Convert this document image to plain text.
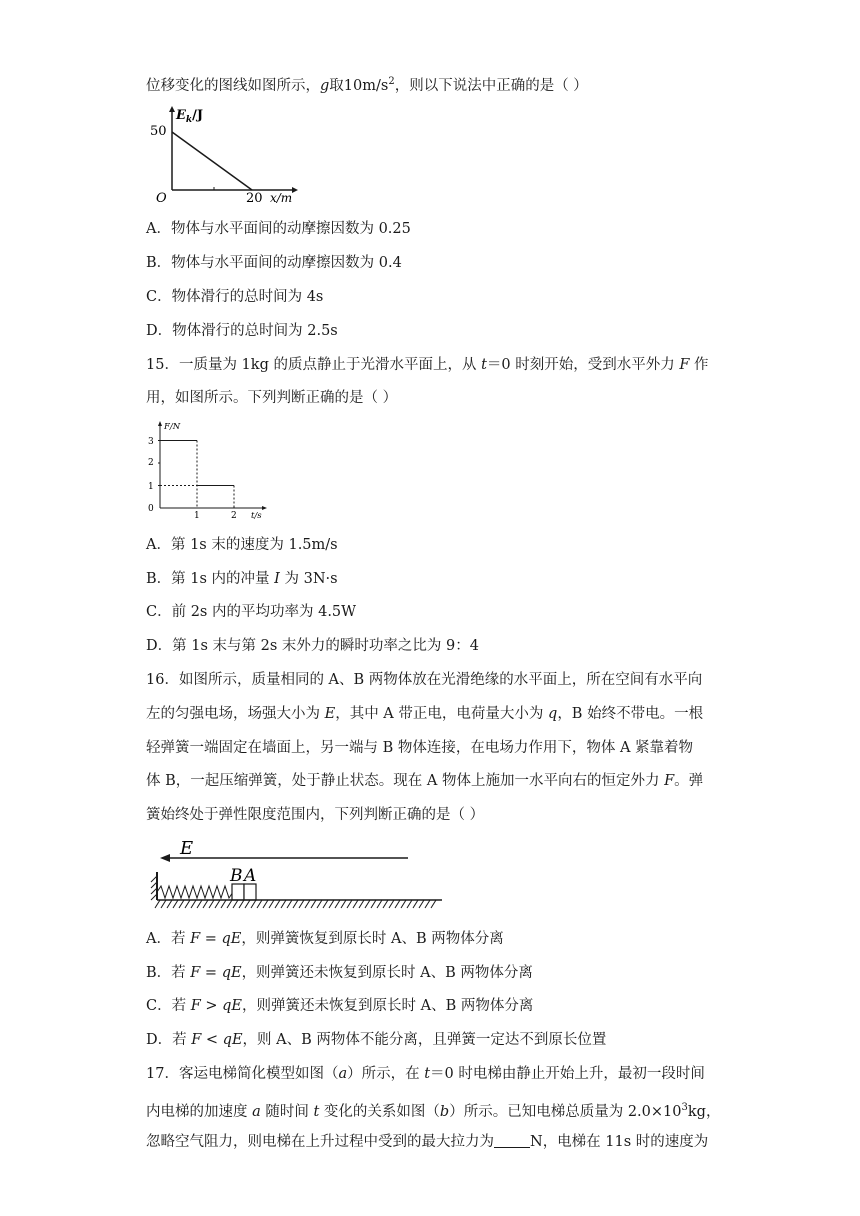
位移变化的图线如图所示，g取$10m/s^2$，则以下说法中正确的是（ ）
$E_k/J$
50
O	20 x/m
A．物体与水平面间的动摩擦因数为 0.25
B．物体与水平面间的动摩擦因数为 0.4
C．物体滑行的总时间为 4s
D．物体滑行的总时间为 2.5s
15．一质量为 1kg 的质点静止于光滑水平面上，从 t＝0 时刻开始，受到水平外力 F 作
用，如图所示。下列判断正确的是（ ）
F/N
3
2
1
0
1	2 t/s
A．第 1s 末的速度为 1.5m/s
B．第 1s 内的冲量 I 为 3N·s
C．前 2s 内的平均功率为 4.5W
D．第 1s 末与第 2s 末外力的瞬时功率之比为 9：4
16．如图所示，质量相同的 A、B 两物体放在光滑绝缘的水平面上，所在空间有水平向
左的匀强电场，场强大小为 E，其中 A 带正电，电荷量大小为 q，B 始终不带电。一根
轻弹簧一端固定在墙面上，另一端与 B 物体连接，在电场力作用下，物体 A 紧靠着物
体 B，一起压缩弹簧，处于静止状态。现在 A 物体上施加一水平向右的恒定外力 F。弹
簧始终处于弹性限度范围内，下列判断正确的是（ ）
E
B A
A．若 F = qE，则弹簧恢复到原长时 A、B 两物体分离
B．若 F = qE，则弹簧还未恢复到原长时 A、B 两物体分离
C．若 F > qE，则弹簧还未恢复到原长时 A、B 两物体分离
D．若 F < qE，则 A、B 两物体不能分离，且弹簧一定达不到原长位置
17．客运电梯简化模型如图（a）所示，在 t＝0 时电梯由静止开始上升，最初一段时间
内电梯的加速度 a 随时间 t 变化的关系如图（b）所示。已知电梯总质量为 $2.0\times 10^3kg$，
忽略空气阻力，则电梯在上升过程中受到的最大拉力为 N，电梯在 11s 时的速度为
